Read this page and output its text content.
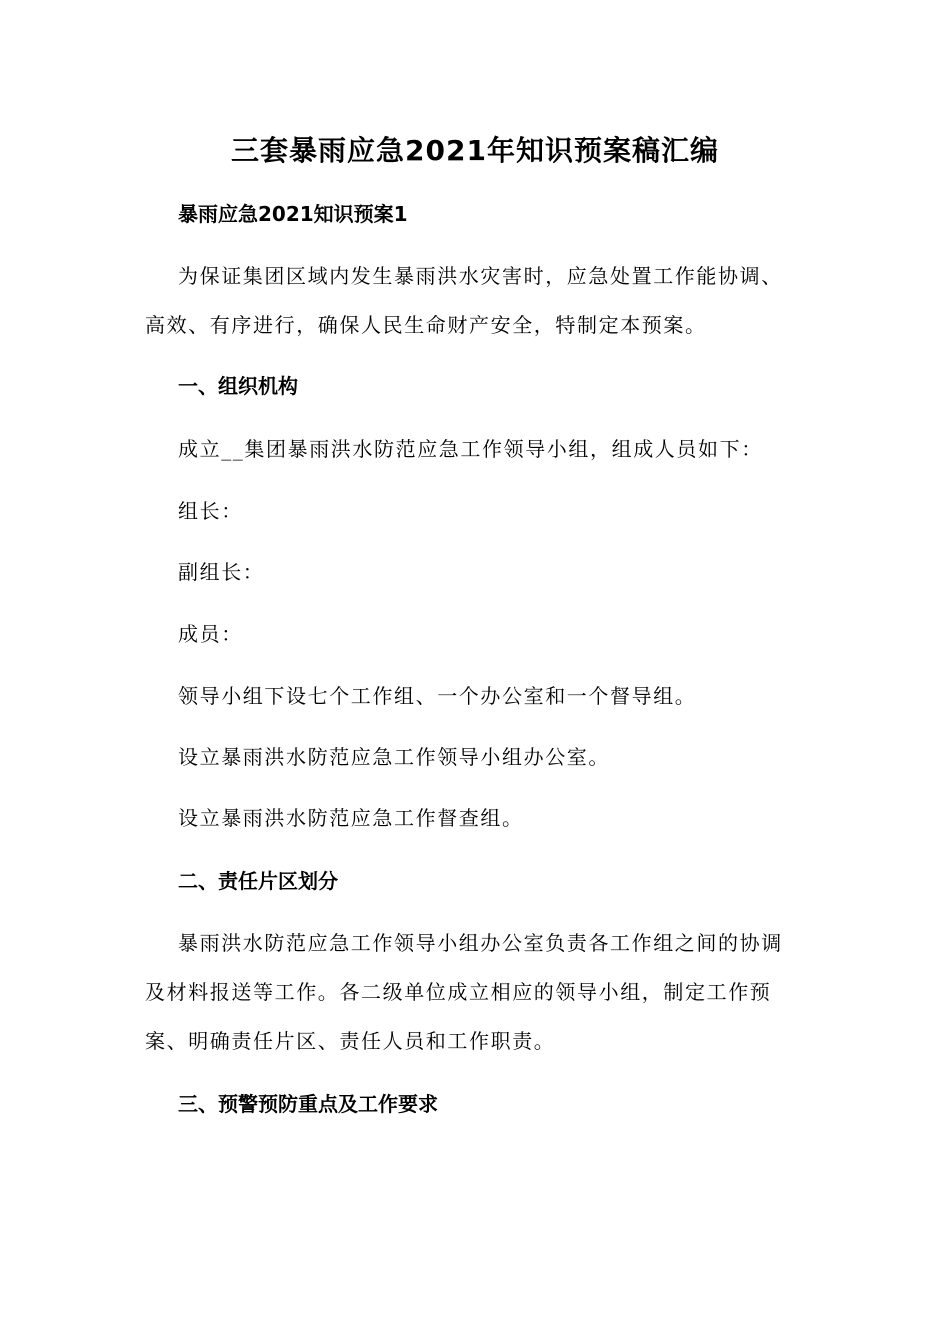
三套暴雨应急2021年知识预案稿汇编
暴雨应急2021知识预案1

为保证集团区域内发生暴雨洪水灾害时，应急处置工作能协调、

高效、有序进行，确保人民生命财产安全，特制定本预案。

一、组织机构

成立__集团暴雨洪水防范应急工作领导小组，组成人员如下：

组长：

副组长：

成员：

领导小组下设七个工作组、一个办公室和一个督导组。

设立暴雨洪水防范应急工作领导小组办公室。

设立暴雨洪水防范应急工作督查组。

二、责任片区划分

暴雨洪水防范应急工作领导小组办公室负责各工作组之间的协调

及材料报送等工作。各二级单位成立相应的领导小组，制定工作预

案、明确责任片区、责任人员和工作职责。

三、预警预防重点及工作要求
